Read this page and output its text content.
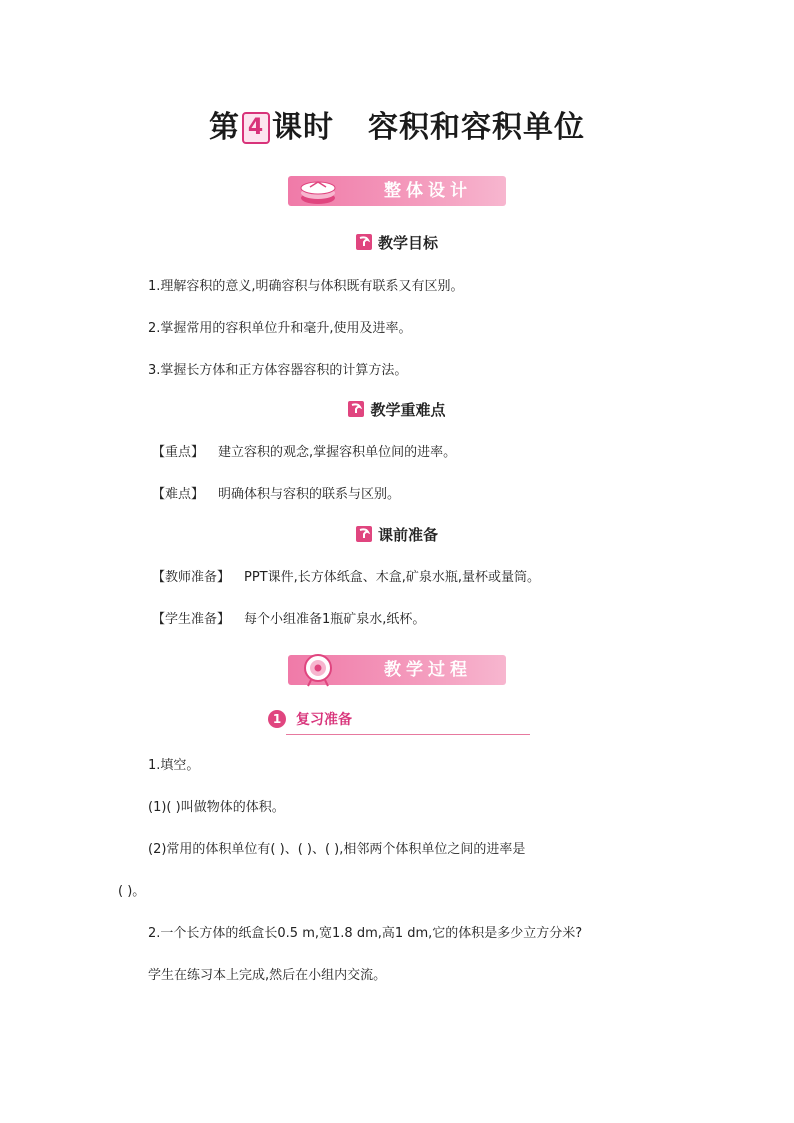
第 4 课时 容积和容积单位
整体设计
教学目标
1.理解容积的意义,明确容积与体积既有联系又有区别。
2.掌握常用的容积单位升和毫升,使用及进率。
3.掌握长方体和正方体容器容积的计算方法。
教学重难点
【重点】 建立容积的观念,掌握容积单位间的进率。
【难点】 明确体积与容积的联系与区别。
课前准备
【教师准备】 PPT课件,长方体纸盒、木盒,矿泉水瓶,量杯或量筒。
【学生准备】 每个小组准备1瓶矿泉水,纸杯。
教学过程
1	复习准备
1.填空。
(1)( )叫做物体的体积。
(2)常用的体积单位有( )、( )、( ),相邻两个体积单位之间的进率是
( )。
2.一个长方体的纸盒长0.5 m,宽1.8 dm,高1 dm,它的体积是多少立方分米?
学生在练习本上完成,然后在小组内交流。
